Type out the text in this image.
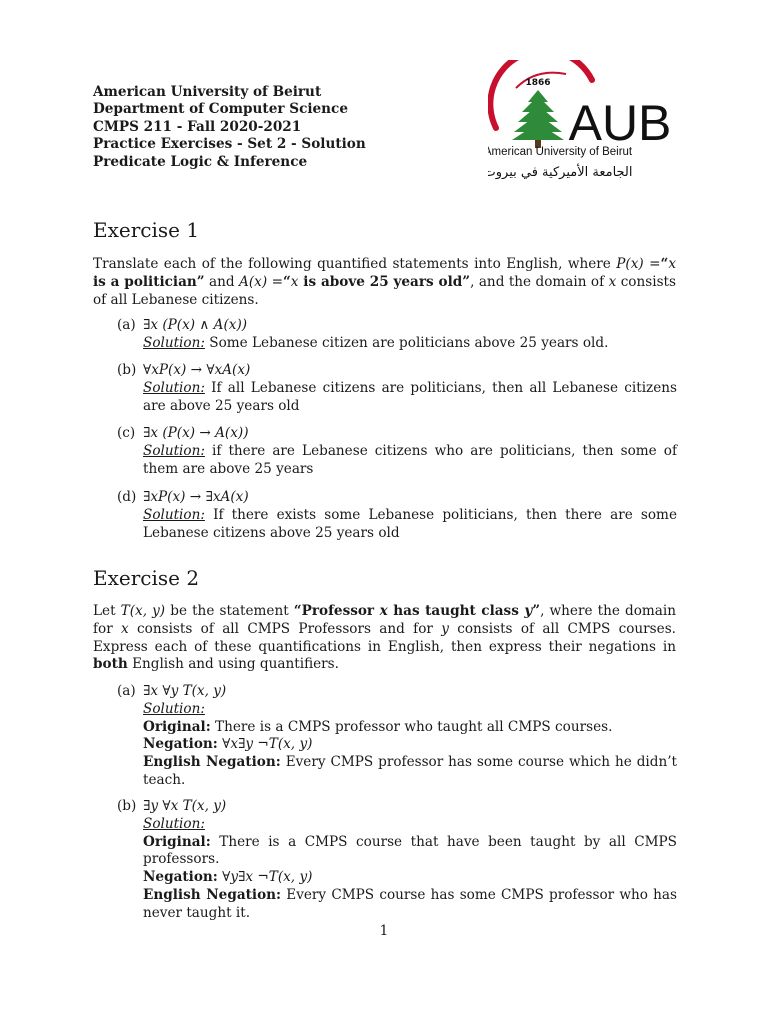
American University of Beirut
Department of Computer Science
CMPS 211 - Fall 2020-2021
Practice Exercises - Set 2 - Solution
Predicate Logic & Inference
1866
AUB
American University of Beirut
الجامعة الأميركية في بيروت
Exercise 1
Translate each of the following quantified statements into English, where P(x) =“x is a politician” and A(x) =“x is above 25 years old”, and the domain of x consists of all Lebanese citizens.
(a) ∃x (P(x) ∧ A(x))
Solution: Some Lebanese citizen are politicians above 25 years old.
(b) ∀xP(x) → ∀xA(x)
Solution: If all Lebanese citizens are politicians, then all Lebanese citizens are above 25 years old
(c) ∃x (P(x) → A(x))
Solution: if there are Lebanese citizens who are politicians, then some of them are above 25 years
(d) ∃xP(x) → ∃xA(x)
Solution: If there exists some Lebanese politicians, then there are some Lebanese citizens above 25 years old
Exercise 2
Let T(x, y) be the statement “Professor x has taught class y”, where the domain for x consists of all CMPS Professors and for y consists of all CMPS courses. Express each of these quantifications in English, then express their negations in both English and using quantifiers.
(a) ∃x ∀y T(x, y)
Solution:
Original: There is a CMPS professor who taught all CMPS courses.
Negation: ∀x∃y ¬T(x, y)
English Negation: Every CMPS professor has some course which he didn’t teach.
(b) ∃y ∀x T(x, y)
Solution:
Original: There is a CMPS course that have been taught by all CMPS professors.
Negation: ∀y∃x ¬T(x, y)
English Negation: Every CMPS course has some CMPS professor who has never taught it.
1
